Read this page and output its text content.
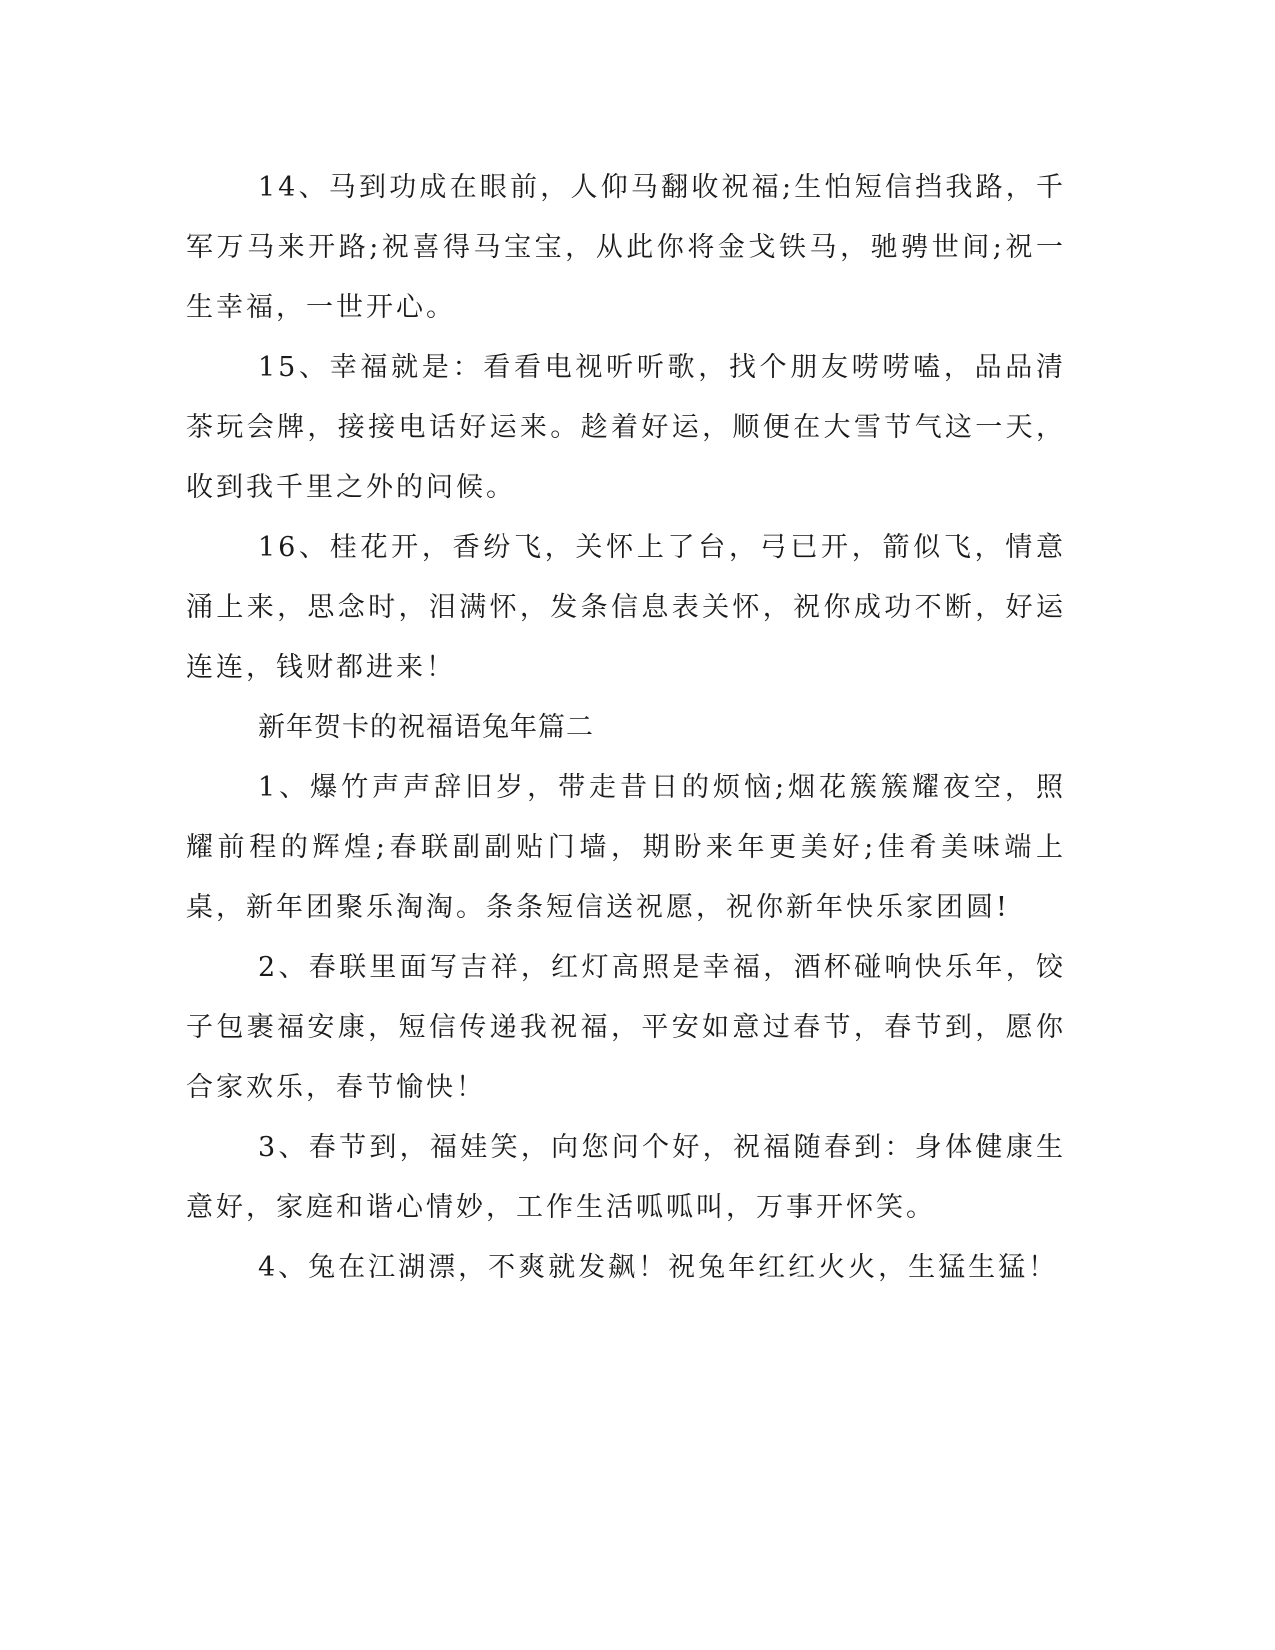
14、马到功成在眼前，人仰马翻收祝福;生怕短信挡我路，千军万马来开路;祝喜得马宝宝，从此你将金戈铁马，驰骋世间;祝一生幸福，一世开心。

15、幸福就是：看看电视听听歌，找个朋友唠唠嗑，品品清茶玩会牌，接接电话好运来。趁着好运，顺便在大雪节气这一天，收到我千里之外的问候。

16、桂花开，香纷飞，关怀上了台，弓已开，箭似飞，情意涌上来，思念时，泪满怀，发条信息表关怀，祝你成功不断，好运连连，钱财都进来！

新年贺卡的祝福语兔年篇二

1、爆竹声声辞旧岁，带走昔日的烦恼;烟花簇簇耀夜空，照耀前程的辉煌;春联副副贴门墙，期盼来年更美好;佳肴美味端上桌，新年团聚乐淘淘。条条短信送祝愿，祝你新年快乐家团圆!

2、春联里面写吉祥，红灯高照是幸福，酒杯碰响快乐年，饺子包裹福安康，短信传递我祝福，平安如意过春节，春节到，愿你合家欢乐，春节愉快！

3、春节到，福娃笑，向您问个好，祝福随春到：身体健康生意好，家庭和谐心情妙，工作生活呱呱叫，万事开怀笑。

4、兔在江湖漂，不爽就发飙！祝兔年红红火火，生猛生猛！
